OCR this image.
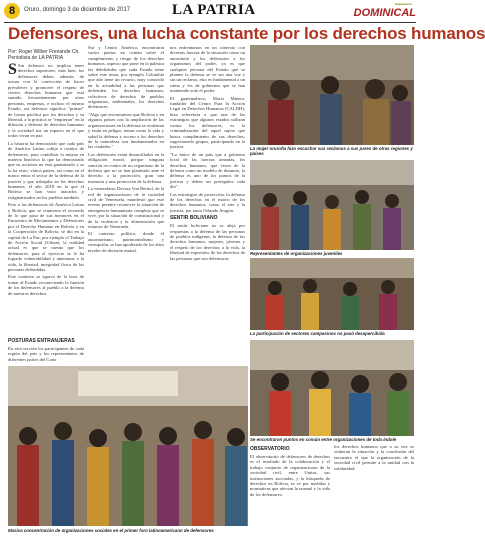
8	Oruro, domingo 3 de diciembre de 2017	LA PATRIA	Suplemento
DOMINICAL
Defensores, una lucha constante por los derechos humanos
Por: Roger Wilber Frenande Ch.
Periodista de LA PATRIA
S Sin defensor no implica tener derechos superiores, más bien, los defensores deben, además, de actuar con la convicción de hacer prevalecer y promover el respeto de ciertos derechos humanos que está sumido frecuentemente por otras personas, empresas, e incluso el mismo Estado, así defensor significa "primar" de forma pacífica por los derechos y su libertad, a la práctica se "empiezan" en la difusión y defensa de derechos humanos y la sociedad sea un espacio en el que todos vivan en paz.

La historia ha demostrado que cada país de América Latina cobija a cientos de defensores, para contribuir la misma en materia histórica la que ha demostrado que su accionar no está garantizado y se lo ha visto, varios países, así como en el marco entra el sector de la defensa de la justicia y que trabajaba en los derechos humanos, el año 2018 en la que el Bolivia se han visto atacados y estigmatizados en los pueblos también.

Pese a las defensoras de América Latina y Bolivia, que se reunieron el recuerdo de lo que pasa de sus mentores en el Encuentro de Movimientos y Defensores por el Derecho Humano en Bolivia y en la Cooperación de Bolivia, se dio en la capital de La Paz, por ejemplo el Trabajo de Acción Social (Urban), la realidad actual es que se cuenta que los defensores, para el ejercicio se le ha logrado vulnerabilidad y amenazas a la vida, la libertad, integridad física de las personas defendidas.

Este contexto se agrava de la hora de tomar al Estado reconociendo la función de los defensores al pueblo a la defensa de nuestros derechos.

POSTURAS ENTRANJERAS

En esta sección los participantes de cada región del país y los representantes de diferentes países del Cono

Sur y Centro América, encontraron varios puntos en común sobre el cumplimiento y riesgo de los derechos humanos, aspecto que pone en la palestra las debilidades que cada Estado tiene sobre este tema, por ejemplo Colombia que aún tiene un recurso, muy conocido en la actualidad a las personas que defienden los derechos humanos, colectivos de derechos de pueblos originarios, ambientales, los derechos defensores.

"Algo que encontramos que Bolivia y en algunos países con la ampliación de las organizaciones en la defensa se violentan y están en peligro, temas como la vida y salud la defensa y acceso a los derechos de la naturaleza son fundamentales en las ciudades."

Los defensores están desarrollados en la obligación moral, porque ninguna sanción en contra de un organismo de la defensa que no se han planteado ante el derecho a la protección, gran una instancia y una protección de la defensa.

La venezolana, Devora Von Bertiol, de la red de organizaciones de la sociedad civil de Venezuela, manifestó que este evento permite reconocer la situación de emergencia humanitaria compleja que se vive, por la situación de constitucional y de la violencia y la alimentación que estamos de Venezuela.

El contexto político, donde el autoritarismo, patrimonialismo y corrupción, se han apoderado de los altos niveles de decisión estatal.

nos enfrentamos en un contexto con diversas fuerzas de la situación como un autoritario y los defensores a los organismos del poder, ya es que cualquier persona del Estado que se plantee la defensa se ve sin una voz y sin un reclamo, esto es fundamental a un ritmo y los de gobiernos que se han mantenido solo el poder.

El guatemalteco, Mario Minera, fundador del Centro Para la Acción Legal en Derechos Humanos (CALDH), hizo referencia a que una de las estrategias que algunos estados utilizan contra los defensores, es la criminalización del aquel sujeto que busca cumplimiento de sus derechos, sugestionado grupos, participando en la justicia.

"Lo único de un país que a gobierno local de las fuerzas armadas, los derechos humanos, que viven de la defensa como un modelo de dominio, la defensa es uno de los puntos de la justicia y deben ser protegidos cada día".

Las estrategias de protección, la defensa de los derechos en el marco de los derechos humanos, como el arte y la justicia, por tanto Orlando Aragón.

SENTIR BOLIVIANO

El sentir boliviano no se aleja por respuestas a la defensa de las personas de pueblos indígenas, la defensa de los derechos humanos, mujeres, jóvenes y el respeto de los derechos a la vida, la libertad de expresión, de los derechos de las personas que son defensoras.

La mujer oruroña hizo escuchar sus reclamos a sus pares de otras regiones y países
Representantes de organizaciones juveniles
La participación de sectores campesinos no pasó desapercibida
Se encontraron puntos en común entre organizaciones de toda índole
Masiva concentración de organizaciones sociales en el primer foro latinoamericano de defensores
OBSERVATORIO

El observatorio de defensores de derechos es el resultado de la colaboración y el trabajo conjunto de organizaciones de la sociedad civil, entre Unitas, sus instituciones asociadas, y la búsqueda de derechos en Bolivia, se ve por medidas y normativas que afectan la normal y la vida de los defensores.

los derechos humanos que a su vez se vulneran la situación y la conclusión del encuentro el que la organización de la sociedad civil permite a la unidad con la solidaridad.
